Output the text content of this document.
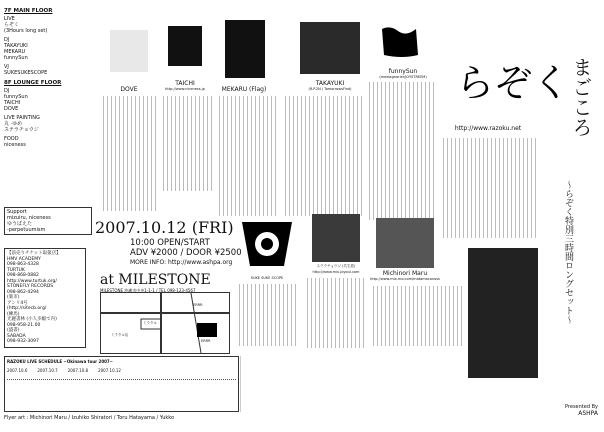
7F MAIN FLOOR
LIVE
らぞく
(3Hours long set)
DJ
TAKAYUKI
MEKARU
funnySun
VJ
SUKESUKESCOPE
8F LOUNGE FLOOR
DJ
funnySun
TAICHI
DOVE
LIVE PAINTING
丸 ·ゆめ
ステラチョウジ
FOOD
niceness
Support
mizuiru, niceness
ゆうばえた
-perpetuumism
【前売りチケット取扱店】
HMV ACADEMY
098-863-4328
TURTUK
098-868-0882
http://www.turtuk.org/
STONEFLY RECORDS
098-862-4294
(楽市)
アンリ4号
(http://sitecb.org/
(練馬)
光麗書林 (小人歩幅で内)
098-958-21.00
(盛書)
SABADA
098-932-3097
RAZOKU LIVE SCHEDULE ~Okinawa tour 2007~
2007.10.6	2007.10.7	2007.10.8	2007.10.12
Flyer art : Michinori Maru / Izuhiko Shiratori / Toru Hatayama / Yukko
DOVE
TAICHI
http://www.niceness.jp	MEKARU (Flag)
TAKAYUKI
(R.P.2N / TomorrowsFind)
funnySun
(mediagnarier/JOYSTREEM) らぞく
http://www.razoku.net	まごころ
〜らぞく特別三時間ロングセット〜
Presented By
ASHPA
2007.10.12 (FRI)
10:00 OPEN/START
ADV ¥2000 / DOOR ¥2500
MORE INFO: http://www.ashpa.org
at MILESTONE
MILESTONE 沖縄市中央1-1-1 / TEL 098-123-4567
ミラクル
ミラクル店
ERRR
ERRR
SUKE SUKE SCOPE
ステラチョウジ (共生派)
http://www.mix-joyoul.com	Michinori Maru
http://www.mix-mo.com/matamacanoss
